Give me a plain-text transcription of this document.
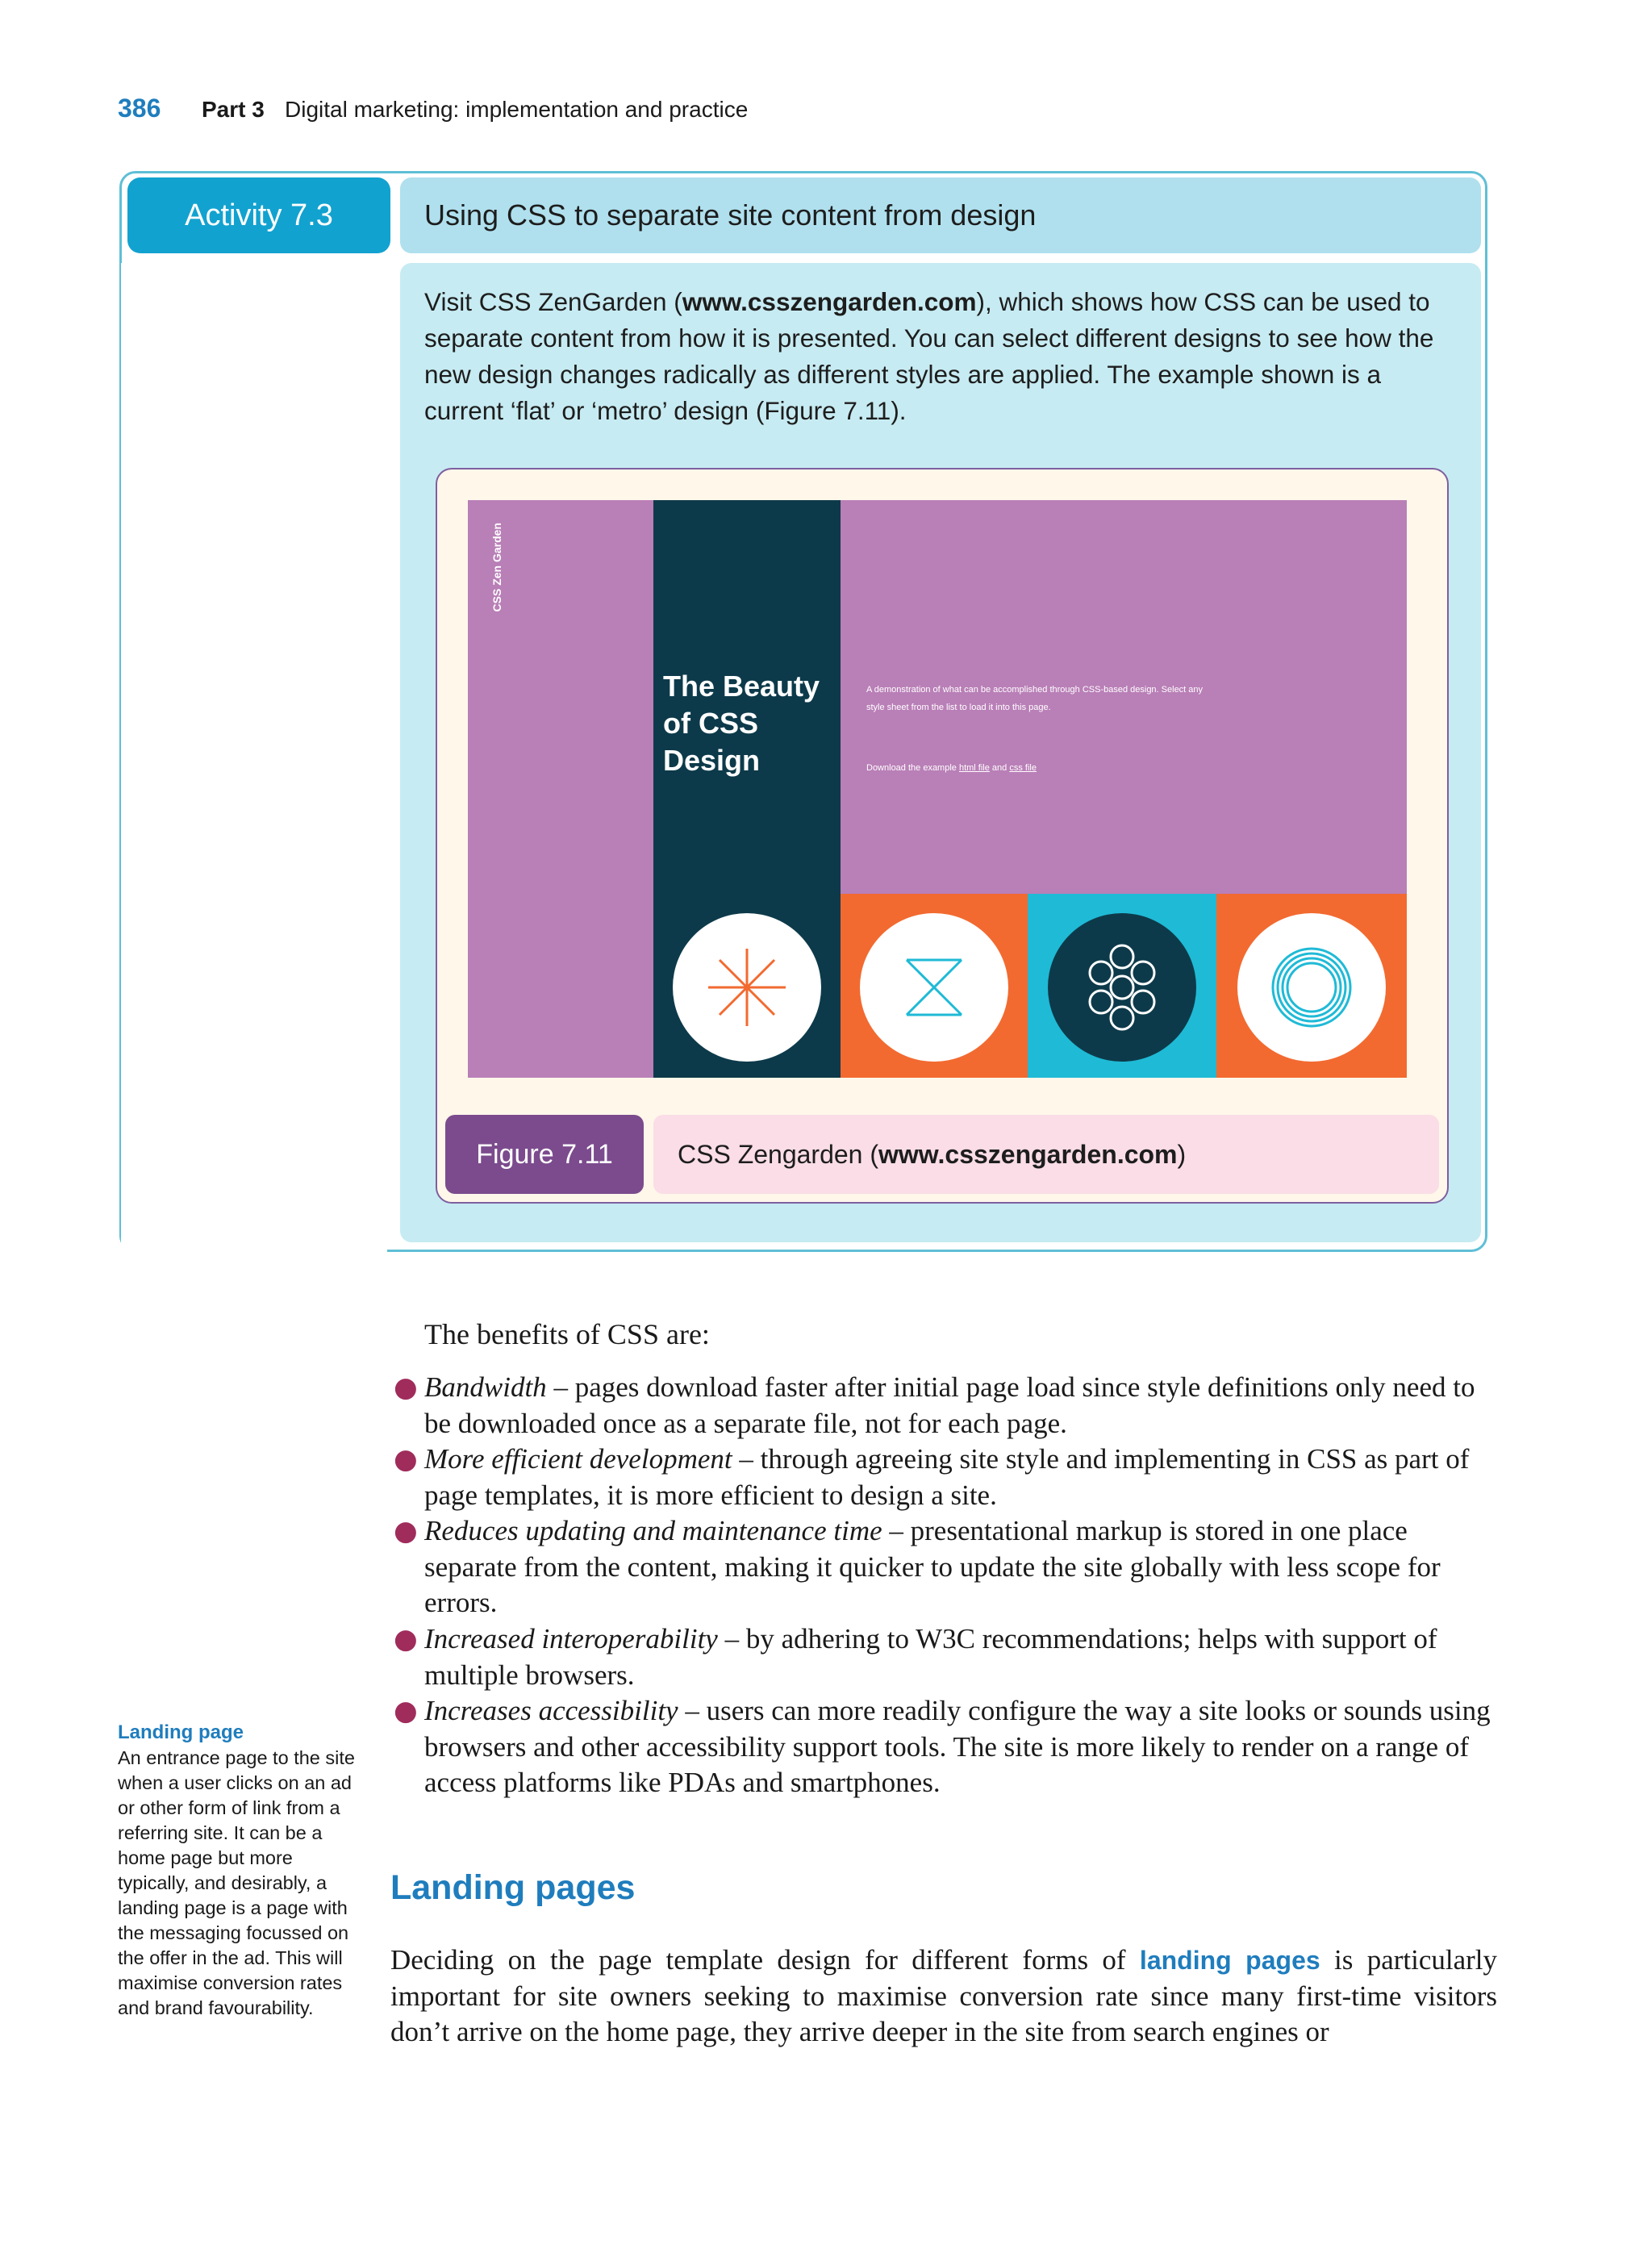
386 Part 3 Digital marketing: implementation and practice
Activity 7.3	Using CSS to separate site content from design
Visit CSS ZenGarden (www.csszengarden.com), which shows how CSS can be used to separate content from how it is presented. You can select different designs to see how the new design changes radically as different styles are applied. The example shown is a current ‘flat’ or ‘metro’ design (Figure 7.11).
CSS Zen Garden
The Beauty of CSS Design
A demonstration of what can be accomplished through CSS-based design. Select any style sheet from the list to load it into this page.
Download the example html file and css file
Figure 7.11	CSS Zengarden (www.csszengarden.com)
The benefits of CSS are:
● Bandwidth – pages download faster after initial page load since style definitions only need to be downloaded once as a separate file, not for each page.
● More efficient development – through agreeing site style and implementing in CSS as part of page templates, it is more efficient to design a site.
● Reduces updating and maintenance time – presentational markup is stored in one place separate from the content, making it quicker to update the site globally with less scope for errors.
● Increased interoperability – by adhering to W3C recommendations; helps with support of multiple browsers.
● Increases accessibility – users can more readily configure the way a site looks or sounds using browsers and other accessibility support tools. The site is more likely to render on a range of access platforms like PDAs and smartphones.
Landing pages
Deciding on the page template design for different forms of landing pages is particularly important for site owners seeking to maximise conversion rate since many first-time visitors don’t arrive on the home page, they arrive deeper in the site from search engines or
Landing page
An entrance page to the site when a user clicks on an ad or other form of link from a referring site. It can be a home page but more typically, and desirably, a landing page is a page with the messaging focussed on the offer in the ad. This will maximise conversion rates and brand favourability.
